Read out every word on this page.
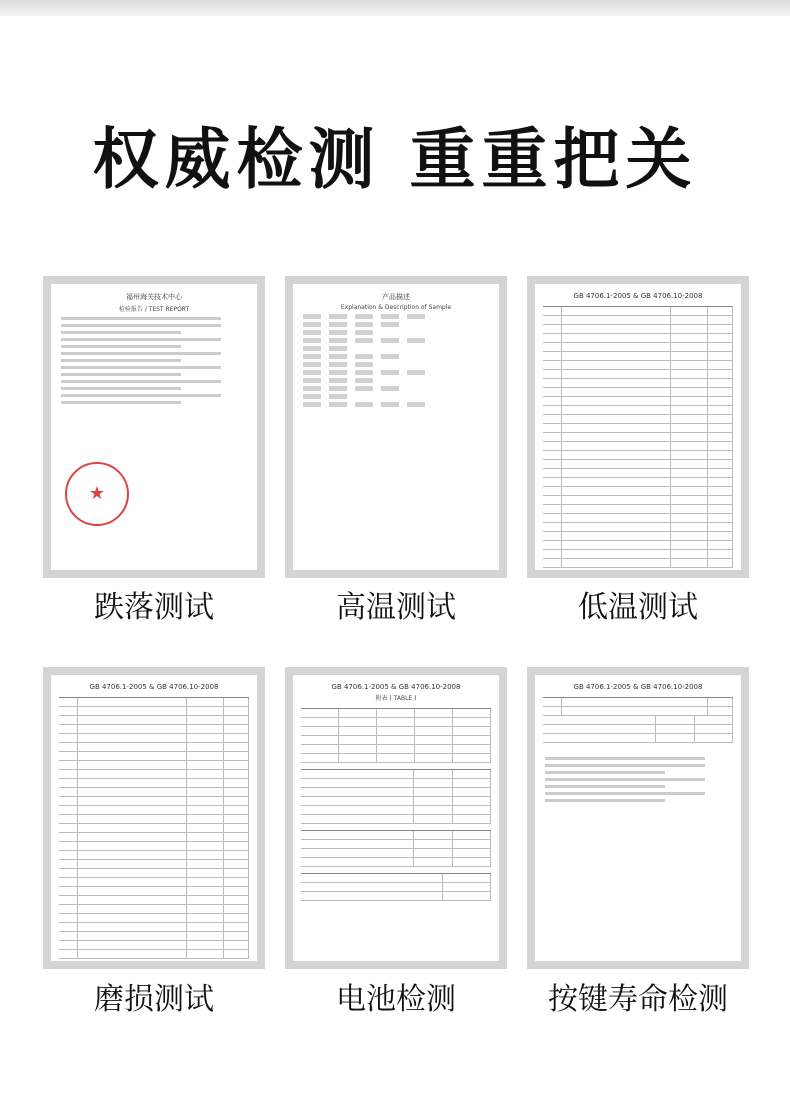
权威检测 重重把关
福州海关技术中心
检验报告 / TEST REPORT
★
跌落测试
产品描述
Explanation & Description of Sample
高温测试
GB 4706.1-2005 & GB 4706.10-2008
低温测试
GB 4706.1-2005 & GB 4706.10-2008
磨损测试
GB 4706.1-2005 & GB 4706.10-2008
附表 ( TABLE )
电池检测
GB 4706.1-2005 & GB 4706.10-2008
按键寿命检测
